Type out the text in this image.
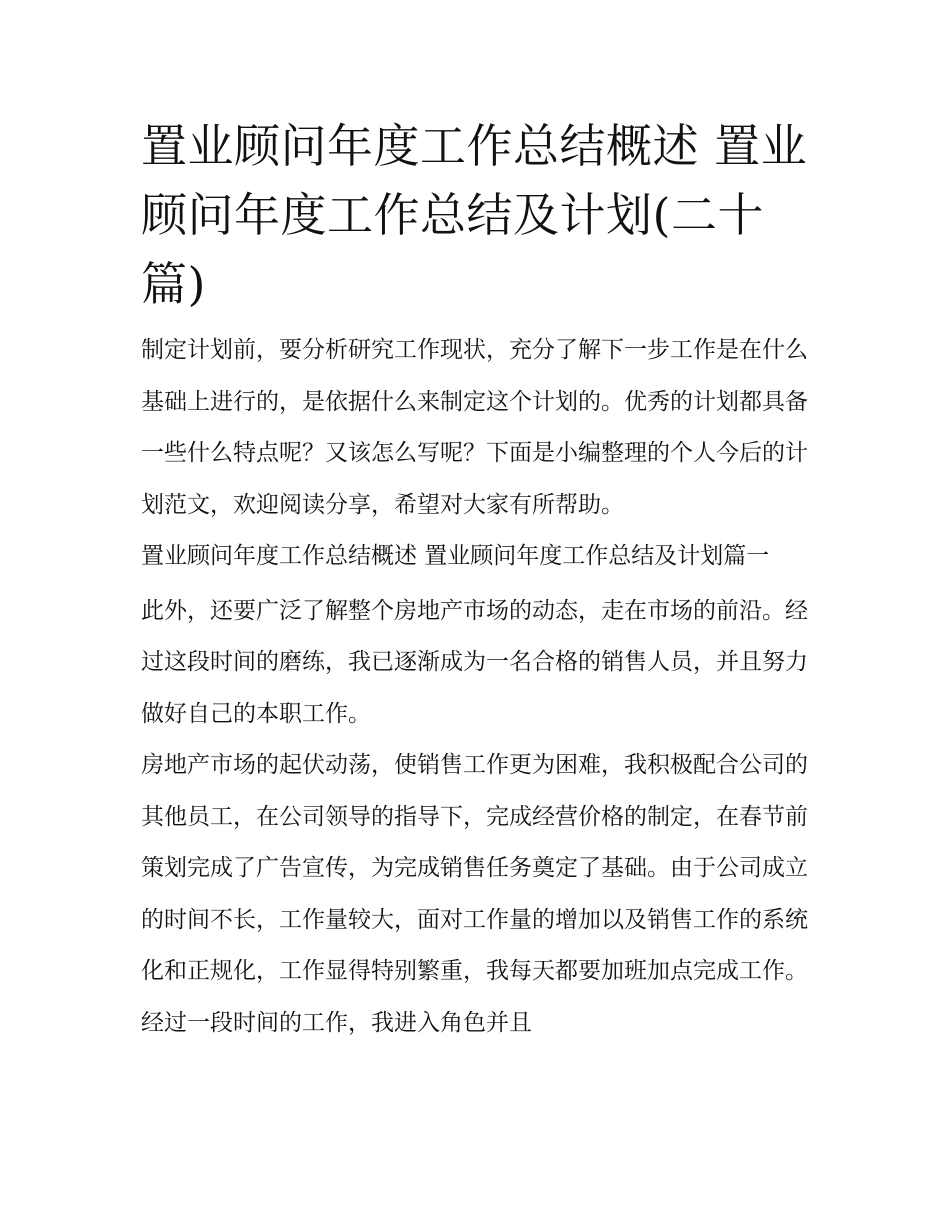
置业顾问年度工作总结概述 置业顾问年度工作总结及计划(二十篇)

制定计划前，要分析研究工作现状，充分了解下一步工作是在什么基础上进行的，是依据什么来制定这个计划的。优秀的计划都具备一些什么特点呢？又该怎么写呢？下面是小编整理的个人今后的计划范文，欢迎阅读分享，希望对大家有所帮助。

置业顾问年度工作总结概述 置业顾问年度工作总结及计划篇一

此外，还要广泛了解整个房地产市场的动态，走在市场的前沿。经过这段时间的磨练，我已逐渐成为一名合格的销售人员，并且努力做好自己的本职工作。

房地产市场的起伏动荡，使销售工作更为困难，我积极配合公司的其他员工，在公司领导的指导下，完成经营价格的制定，在春节前策划完成了广告宣传，为完成销售任务奠定了基础。由于公司成立的时间不长，工作量较大，面对工作量的增加以及销售工作的系统化和正规化，工作显得特别繁重，我每天都要加班加点完成工作。经过一段时间的工作，我进入角色并且
